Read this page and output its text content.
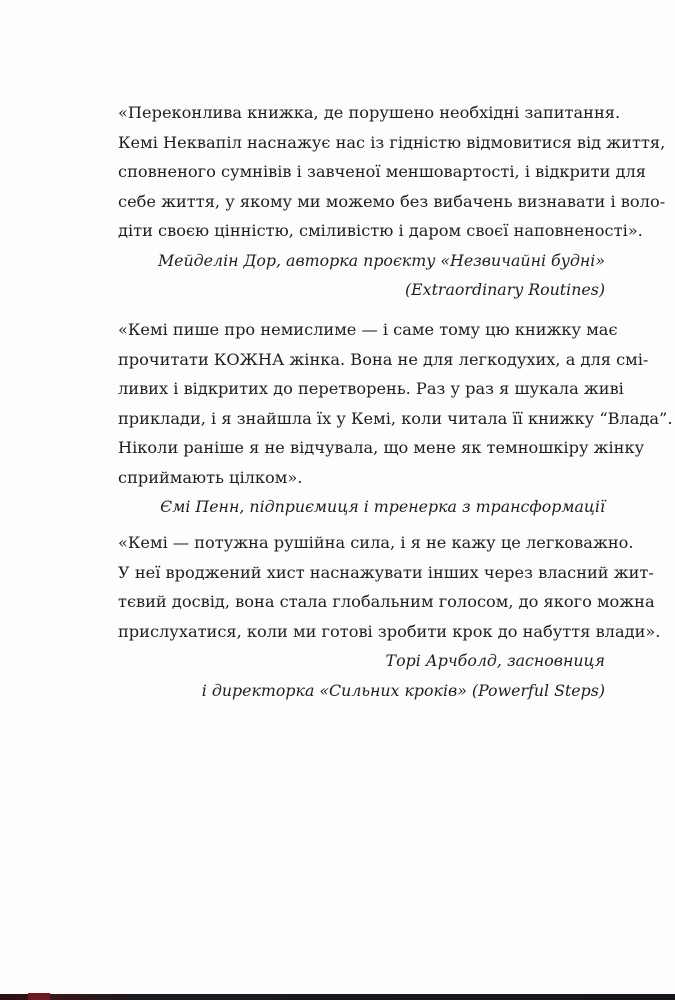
«Переконлива книжка, де порушено необхідні запитання.
Кемі Неквапіл наснажує нас із гідністю відмовитися від життя,
сповненого сумнівів і завченої меншовартості, і відкрити для
себе життя, у якому ми можемо без вибачень визнавати і воло-
діти своєю цінністю, сміливістю і даром своєї наповненості».
Мейделін Дор, авторка проєкту «Незвичайні будні»
(Extraordinary Routines)
«Кемі пише про немислиме — і саме тому цю книжку має
прочитати КОЖНА жінка. Вона не для легкодухих, а для смі-
ливих і відкритих до перетворень. Раз у раз я шукала живі
приклади, і я знайшла їх у Кемі, коли читала її книжку “Влада”.
Ніколи раніше я не відчувала, що мене як темношкіру жінку
сприймають цілком».
Ємі Пенн, підприємиця і тренерка з трансформації
«Кемі — потужна рушійна сила, і я не кажу це легковажно.
У неї вроджений хист наснажувати інших через власний жит-
тєвий досвід, вона стала глобальним голосом, до якого можна
прислухатися, коли ми готові зробити крок до набуття влади».
Торі Арчболд, засновниця
і директорка «Сильних кроків» (Powerful Steps)
